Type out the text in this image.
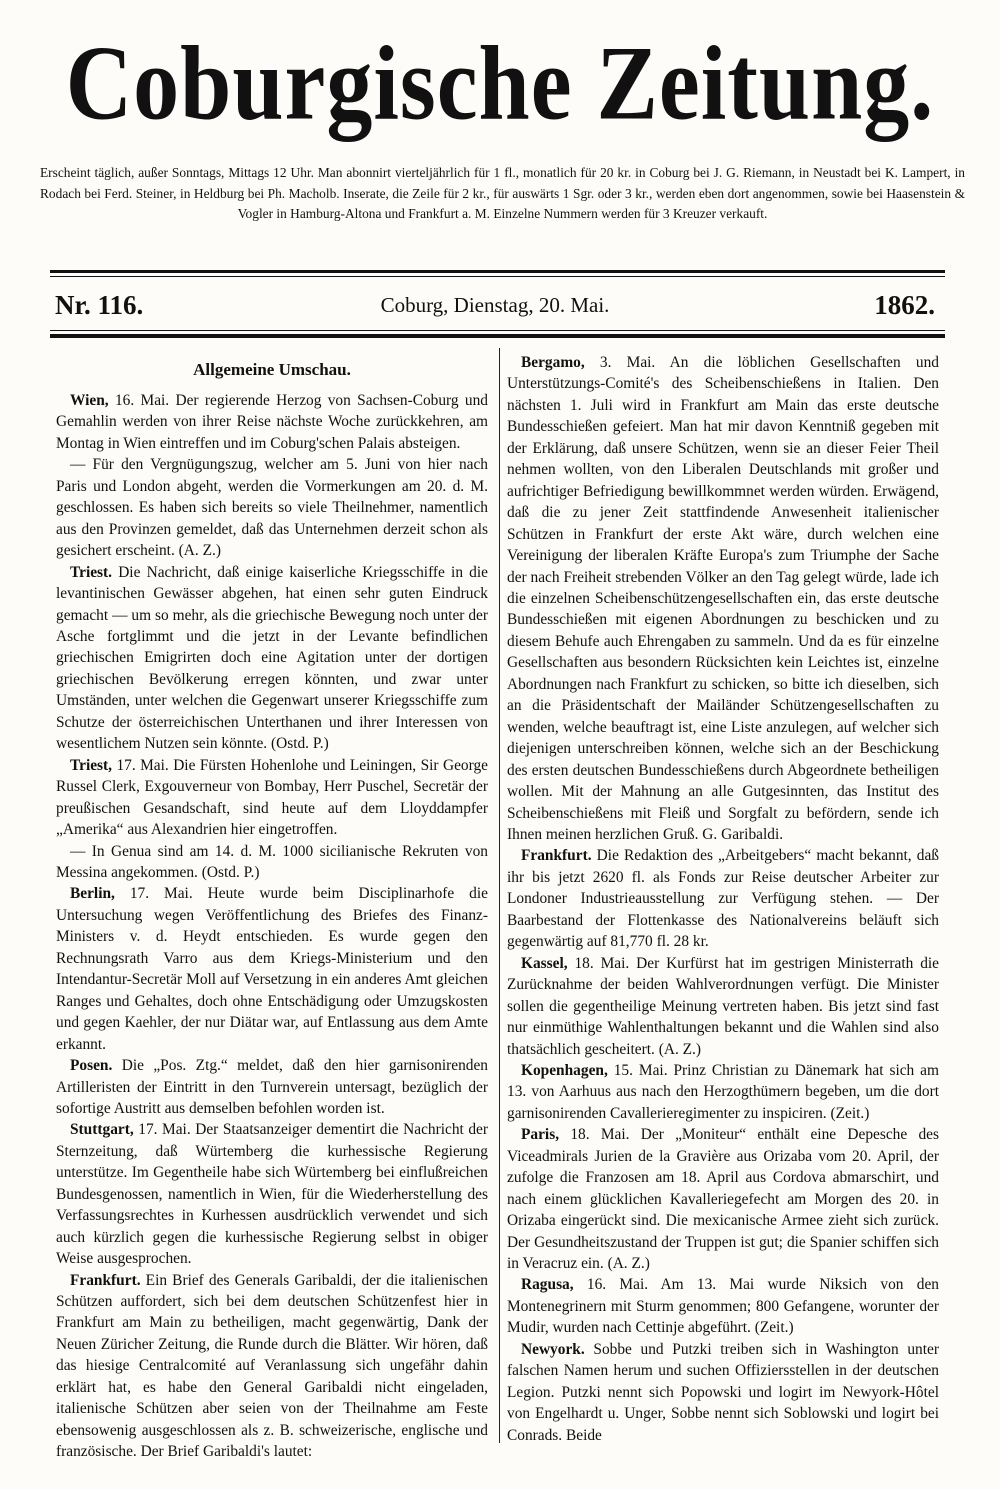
Coburgische Zeitung.
Erscheint täglich, außer Sonntags, Mittags 12 Uhr. Man abonnirt vierteljährlich für 1 fl., monatlich für 20 kr. in Coburg bei J. G. Riemann, in Neustadt bei K. Lampert, in Rodach bei Ferd. Steiner, in Heldburg bei Ph. Macholb. Inserate, die Zeile für 2 kr., für auswärts 1 Sgr. oder 3 kr., werden eben dort angenommen, sowie bei Haasenstein & Vogler in Hamburg-Altona und Frankfurt a. M. Einzelne Nummern werden für 3 Kreuzer verkauft.
Nr. 116.	Coburg, Dienstag, 20. Mai.	1862.
Allgemeine Umschau.

Wien, 16. Mai. Der regierende Herzog von Sachsen-Coburg und Gemahlin werden von ihrer Reise nächste Woche zurückkehren, am Montag in Wien eintreffen und im Coburg'schen Palais absteigen.

— Für den Vergnügungszug, welcher am 5. Juni von hier nach Paris und London abgeht, werden die Vormerkungen am 20. d. M. geschlossen. Es haben sich bereits so viele Theilnehmer, namentlich aus den Provinzen gemeldet, daß das Unternehmen derzeit schon als gesichert erscheint. (A. Z.)

Triest. Die Nachricht, daß einige kaiserliche Kriegsschiffe in die levantinischen Gewässer abgehen, hat einen sehr guten Eindruck gemacht — um so mehr, als die griechische Bewegung noch unter der Asche fortglimmt und die jetzt in der Levante befindlichen griechischen Emigrirten doch eine Agitation unter der dortigen griechischen Bevölkerung erregen könnten, und zwar unter Umständen, unter welchen die Gegenwart unserer Kriegsschiffe zum Schutze der österreichischen Unterthanen und ihrer Interessen von wesentlichem Nutzen sein könnte. (Ostd. P.)

Triest, 17. Mai. Die Fürsten Hohenlohe und Leiningen, Sir George Russel Clerk, Exgouverneur von Bombay, Herr Puschel, Secretär der preußischen Gesandschaft, sind heute auf dem Lloyddampfer „Amerika“ aus Alexandrien hier eingetroffen.

— In Genua sind am 14. d. M. 1000 sicilianische Rekruten von Messina angekommen. (Ostd. P.)

Berlin, 17. Mai. Heute wurde beim Disciplinarhofe die Untersuchung wegen Veröffentlichung des Briefes des Finanz-Ministers v. d. Heydt entschieden. Es wurde gegen den Rechnungsrath Varro aus dem Kriegs-Ministerium und den Intendantur-Secretär Moll auf Versetzung in ein anderes Amt gleichen Ranges und Gehaltes, doch ohne Entschädigung oder Umzugskosten und gegen Kaehler, der nur Diätar war, auf Entlassung aus dem Amte erkannt.

Posen. Die „Pos. Ztg.“ meldet, daß den hier garnisonirenden Artilleristen der Eintritt in den Turnverein untersagt, bezüglich der sofortige Austritt aus demselben befohlen worden ist.

Stuttgart, 17. Mai. Der Staatsanzeiger dementirt die Nachricht der Sternzeitung, daß Würtemberg die kurhessische Regierung unterstütze. Im Gegentheile habe sich Würtemberg bei einflußreichen Bundesgenossen, namentlich in Wien, für die Wiederherstellung des Verfassungsrechtes in Kurhessen ausdrücklich verwendet und sich auch kürzlich gegen die kurhessische Regierung selbst in obiger Weise ausgesprochen.

Frankfurt. Ein Brief des Generals Garibaldi, der die italienischen Schützen auffordert, sich bei dem deutschen Schützenfest hier in Frankfurt am Main zu betheiligen, macht gegenwärtig, Dank der Neuen Züricher Zeitung, die Runde durch die Blätter. Wir hören, daß das hiesige Centralcomité auf Veranlassung sich ungefähr dahin erklärt hat, es habe den General Garibaldi nicht eingeladen, italienische Schützen aber seien von der Theilnahme am Feste ebensowenig ausgeschlossen als z. B. schweizerische, englische und französische. Der Brief Garibaldi's lautet:

Bergamo, 3. Mai. An die löblichen Gesellschaften und Unterstützungs-Comité's des Scheibenschießens in Italien. Den nächsten 1. Juli wird in Frankfurt am Main das erste deutsche Bundesschießen gefeiert. Man hat mir davon Kenntniß gegeben mit der Erklärung, daß unsere Schützen, wenn sie an dieser Feier Theil nehmen wollten, von den Liberalen Deutschlands mit großer und aufrichtiger Befriedigung bewillkommnet werden würden. Erwägend, daß die zu jener Zeit stattfindende Anwesenheit italienischer Schützen in Frankfurt der erste Akt wäre, durch welchen eine Vereinigung der liberalen Kräfte Europa's zum Triumphe der Sache der nach Freiheit strebenden Völker an den Tag gelegt würde, lade ich die einzelnen Scheibenschützengesellschaften ein, das erste deutsche Bundesschießen mit eigenen Abordnungen zu beschicken und zu diesem Behufe auch Ehrengaben zu sammeln. Und da es für einzelne Gesellschaften aus besondern Rücksichten kein Leichtes ist, einzelne Abordnungen nach Frankfurt zu schicken, so bitte ich dieselben, sich an die Präsidentschaft der Mailänder Schützengesellschaften zu wenden, welche beauftragt ist, eine Liste anzulegen, auf welcher sich diejenigen unterschreiben können, welche sich an der Beschickung des ersten deutschen Bundesschießens durch Abgeordnete betheiligen wollen. Mit der Mahnung an alle Gutgesinnten, das Institut des Scheibenschießens mit Fleiß und Sorgfalt zu befördern, sende ich Ihnen meinen herzlichen Gruß. G. Garibaldi.

Frankfurt. Die Redaktion des „Arbeitgebers“ macht bekannt, daß ihr bis jetzt 2620 fl. als Fonds zur Reise deutscher Arbeiter zur Londoner Industrieausstellung zur Verfügung stehen. — Der Baarbestand der Flottenkasse des Nationalvereins beläuft sich gegenwärtig auf 81,770 fl. 28 kr.

Kassel, 18. Mai. Der Kurfürst hat im gestrigen Ministerrath die Zurücknahme der beiden Wahlverordnungen verfügt. Die Minister sollen die gegentheilige Meinung vertreten haben. Bis jetzt sind fast nur einmüthige Wahlenthaltungen bekannt und die Wahlen sind also thatsächlich gescheitert. (A. Z.)

Kopenhagen, 15. Mai. Prinz Christian zu Dänemark hat sich am 13. von Aarhuus aus nach den Herzogthümern begeben, um die dort garnisonirenden Cavallerieregimenter zu inspiciren. (Zeit.)

Paris, 18. Mai. Der „Moniteur“ enthält eine Depesche des Viceadmirals Jurien de la Gravière aus Orizaba vom 20. April, der zufolge die Franzosen am 18. April aus Cordova abmarschirt, und nach einem glücklichen Kavalleriegefecht am Morgen des 20. in Orizaba eingerückt sind. Die mexicanische Armee zieht sich zurück. Der Gesundheitszustand der Truppen ist gut; die Spanier schiffen sich in Veracruz ein. (A. Z.)

Ragusa, 16. Mai. Am 13. Mai wurde Niksich von den Montenegrinern mit Sturm genommen; 800 Gefangene, worunter der Mudir, wurden nach Cettinje abgeführt. (Zeit.)

Newyork. Sobbe und Putzki treiben sich in Washington unter falschen Namen herum und suchen Offiziersstellen in der deutschen Legion. Putzki nennt sich Popowski und logirt im Newyork-Hôtel von Engelhardt u. Unger, Sobbe nennt sich Soblowski und logirt bei Conrads. Beide
